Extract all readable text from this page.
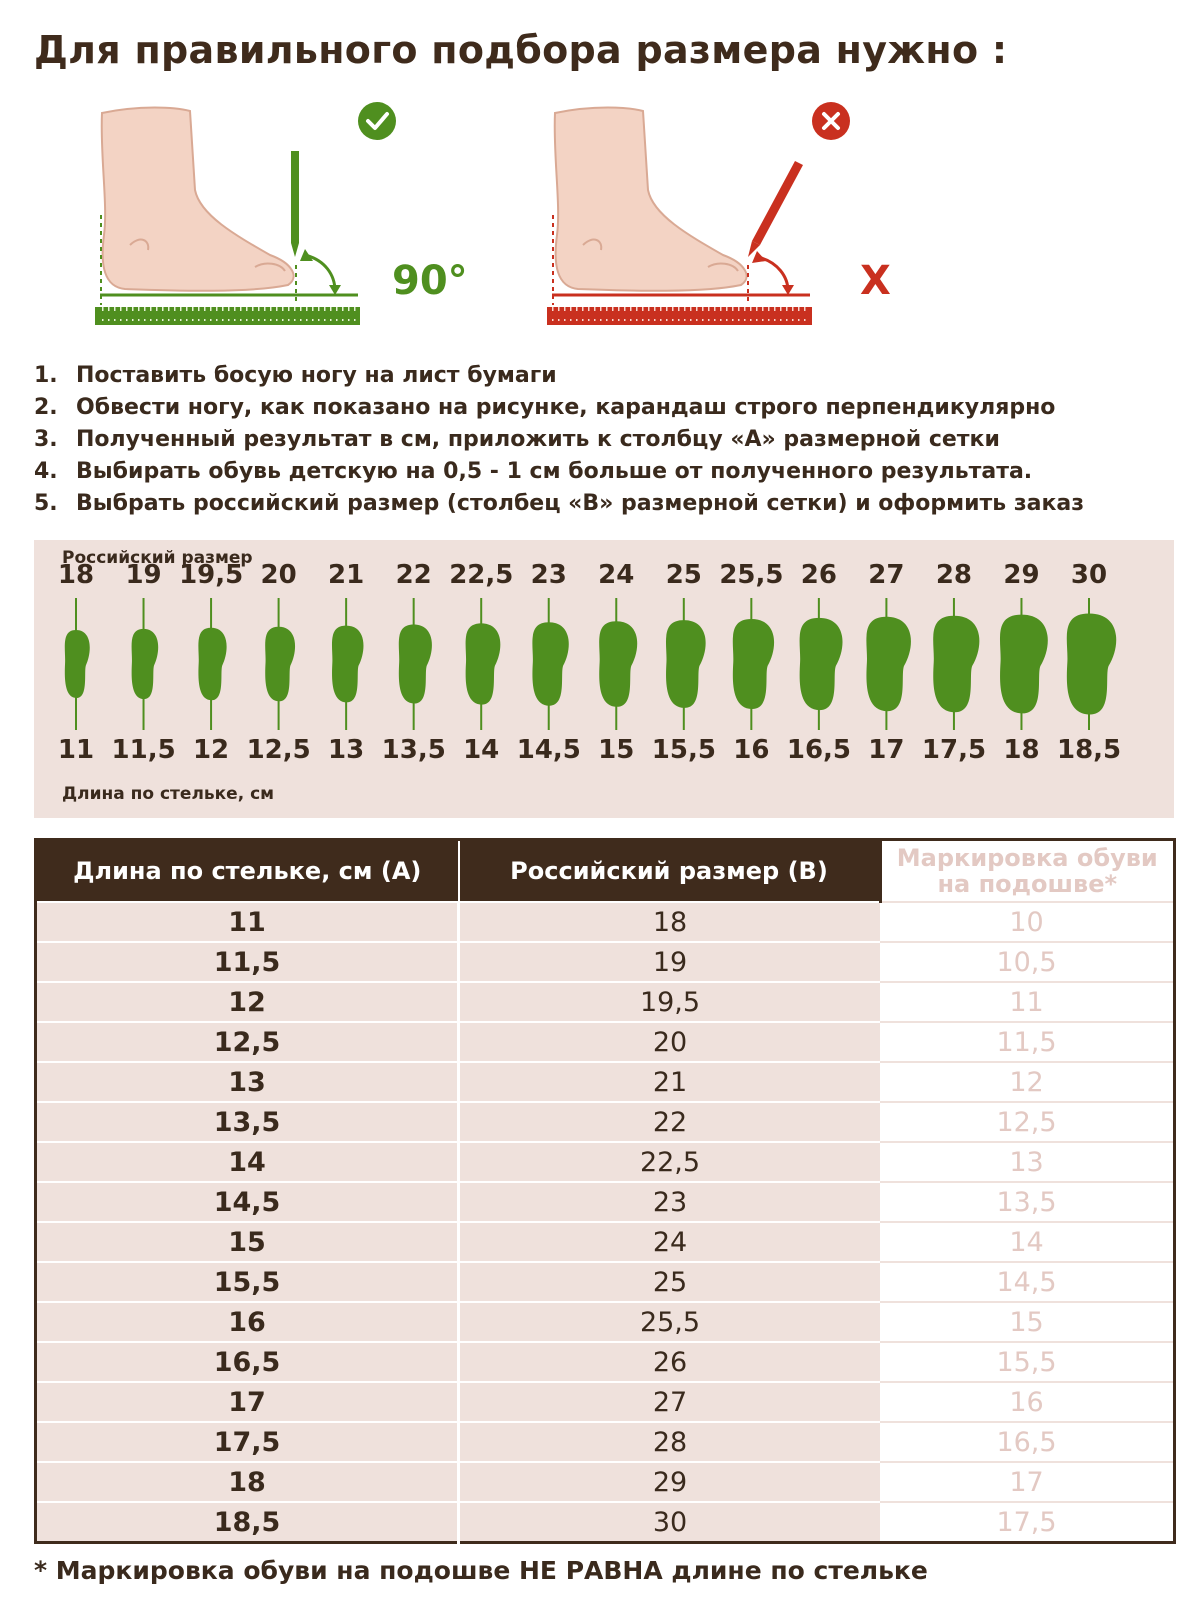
Для правильного подбора размера нужно :
90°	X
1. Поставить босую ногу на лист бумаги
2. Обвести ногу, как показано на рисунке, карандаш строго перпендикулярно
3. Полученный результат в см, приложить к столбцу «А» размерной сетки
4. Выбирать обувь детскую на 0,5 - 1 см больше от полученного результата.
5. Выбрать российский размер (столбец «В» размерной сетки) и оформить заказ
Российский размер
Длина по стельке, см
18	19 19,5 20	21	22 22,5 23	24	25 25,5 26	27	28	29	30
11 11,5 12 12,5 13 13,5 14 14,5 15 15,5 16 16,5 17 17,5 18 18,5
Длина по стельке, см (А)	Российский размер (В)	Маркировка обуви на подошве*
11	18	10
11,5	19	10,5
12	19,5	11
12,5	20	11,5
13	21	12
13,5	22	12,5
14	22,5	13
14,5	23	13,5
15	24	14
15,5	25	14,5
16	25,5	15
16,5	26	15,5
17	27	16
17,5	28	16,5
18	29	17
18,5	30	17,5
* Маркировка обуви на подошве НЕ РАВНА длине по стельке
